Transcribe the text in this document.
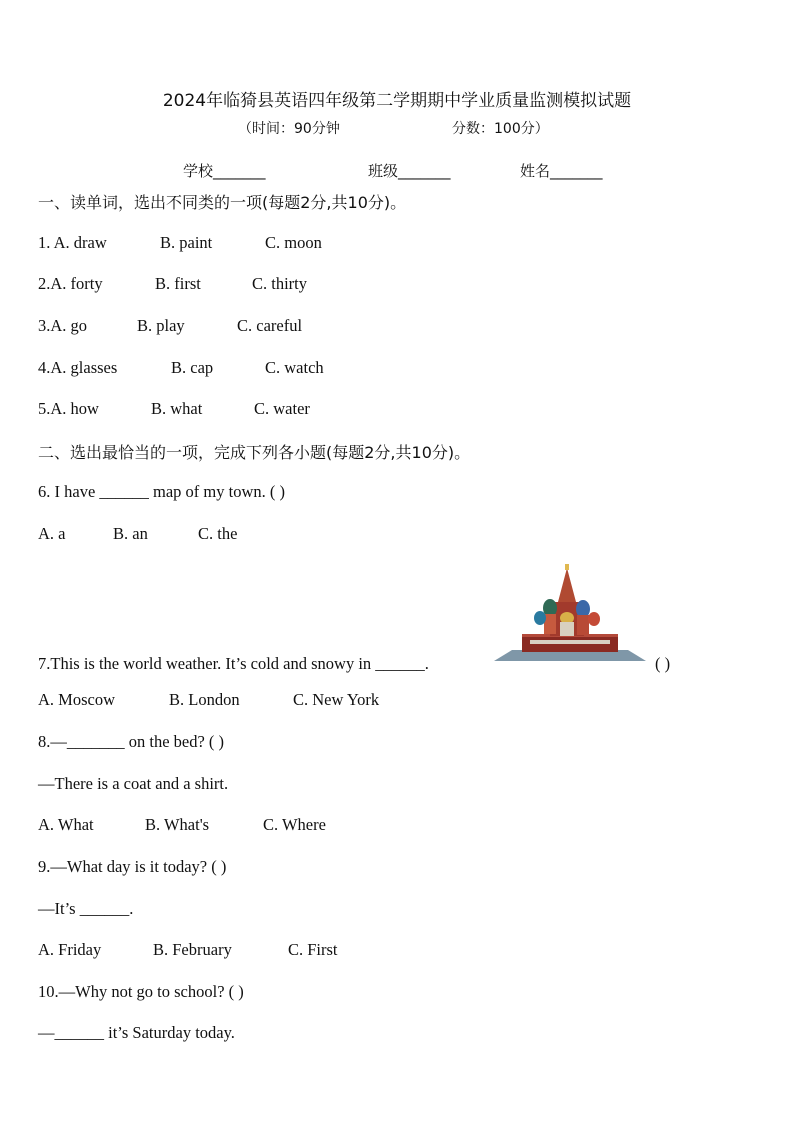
2024年临猗县英语四年级第二学期期中学业质量监测模拟试题
（时间：90分钟	分数：100分）
学校_______	班级_______	姓名_______
一、读单词，选出不同类的一项(每题2分,共10分)。
1. A. draw	B. paint	C. moon
2.A. forty	B. first	C. thirty
3.A. go	B. play	C. careful
4.A. glasses	B. cap	C. watch
5.A. how	B. what	C. water
二、选出最恰当的一项，完成下列各小题(每题2分,共10分)。
6. I have ______ map of my town. ( )
A. a	B. an	C. the
7.This is the world weather. It’s cold and snowy in ______.	( )
A. Moscow	B. London	C. New York
8.—_______ on the bed? ( )
—There is a coat and a shirt.
A. What	B. What's	C. Where
9.—What day is it today? ( )
—It’s ______.
A. Friday	B. February	C. First
10.—Why not go to school? ( )
—______ it’s Saturday today.
